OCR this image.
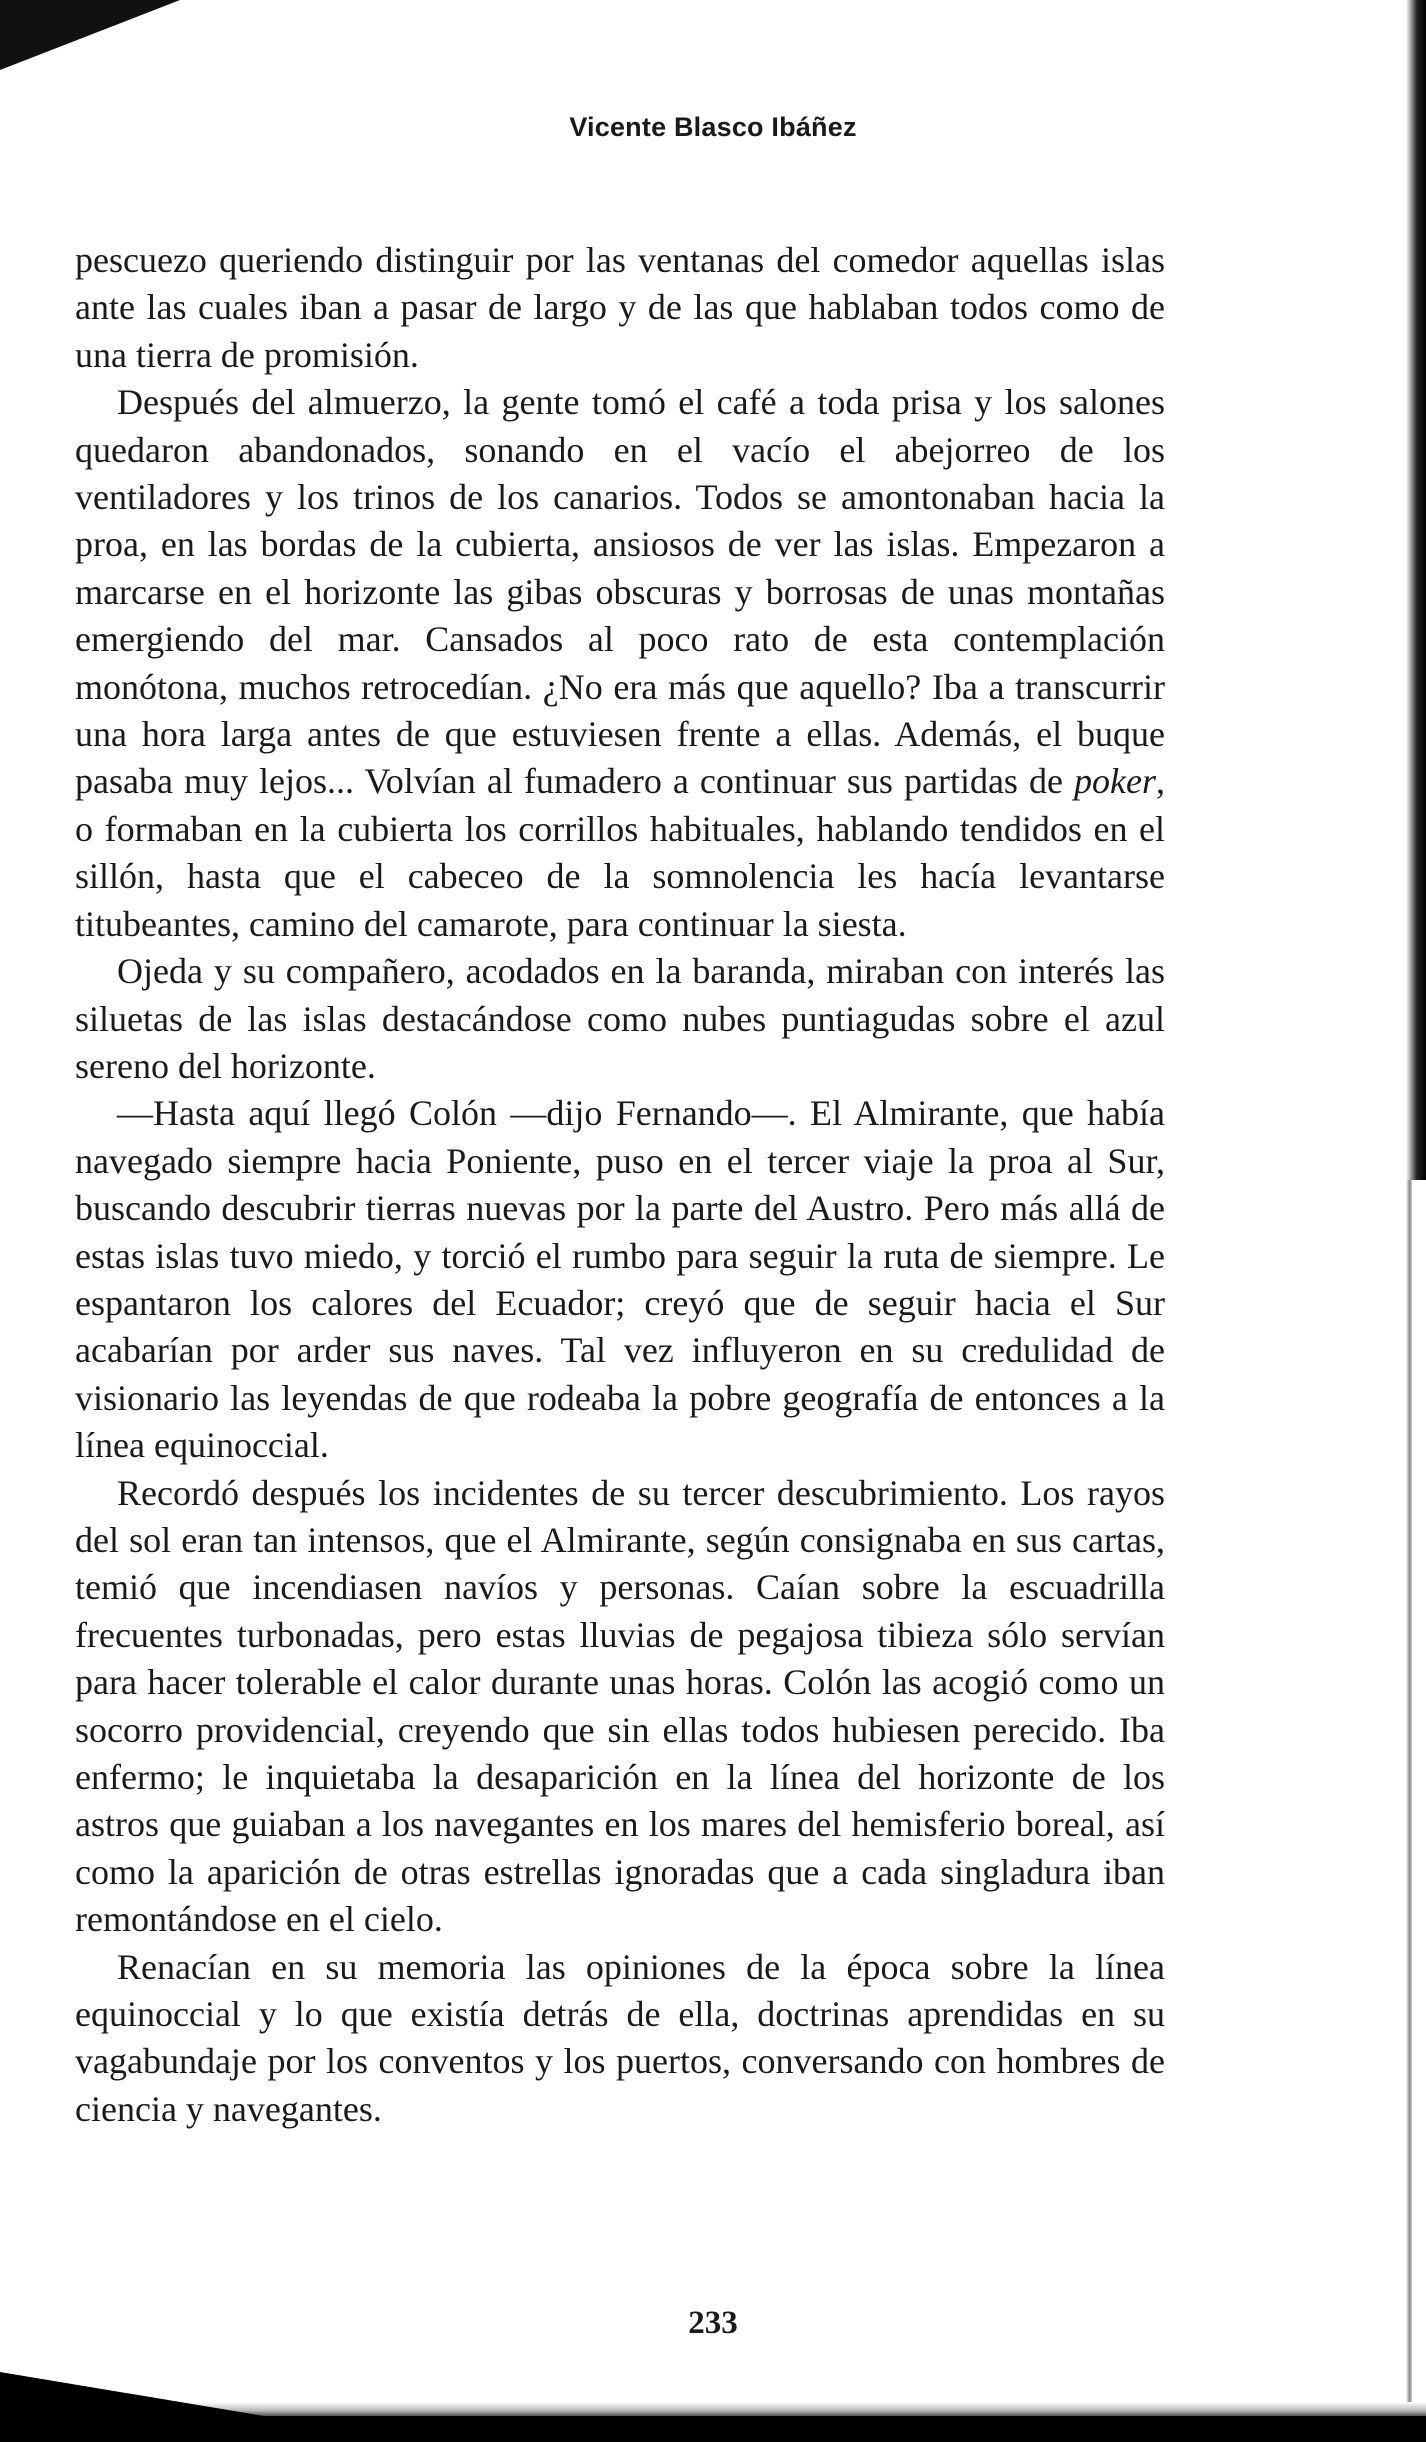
Vicente Blasco Ibáñez

pescuezo queriendo distinguir por las ventanas del comedor aquellas islas ante las cuales iban a pasar de largo y de las que hablaban todos como de una tierra de promisión.

Después del almuerzo, la gente tomó el café a toda prisa y los salones quedaron abandonados, sonando en el vacío el abejorreo de los ventiladores y los trinos de los canarios. Todos se amontonaban hacia la proa, en las bordas de la cubierta, ansiosos de ver las islas. Empezaron a marcarse en el horizonte las gibas obscuras y borrosas de unas montañas emergiendo del mar. Cansados al poco rato de esta contemplación monótona, muchos retrocedían. ¿No era más que aquello? Iba a transcurrir una hora larga antes de que estuviesen frente a ellas. Además, el buque pasaba muy lejos... Volvían al fumadero a continuar sus partidas de poker, o formaban en la cubierta los corrillos habituales, hablando tendidos en el sillón, hasta que el cabeceo de la somnolencia les hacía levantarse titubeantes, camino del camarote, para continuar la siesta.

Ojeda y su compañero, acodados en la baranda, miraban con interés las siluetas de las islas destacándose como nubes puntiagudas sobre el azul sereno del horizonte.

—Hasta aquí llegó Colón —dijo Fernando—. El Almirante, que había navegado siempre hacia Poniente, puso en el tercer viaje la proa al Sur, buscando descubrir tierras nuevas por la parte del Austro. Pero más allá de estas islas tuvo miedo, y torció el rumbo para seguir la ruta de siempre. Le espantaron los calores del Ecuador; creyó que de seguir hacia el Sur acabarían por arder sus naves. Tal vez influyeron en su credulidad de visionario las leyendas de que rodeaba la pobre geografía de entonces a la línea equinoccial.

Recordó después los incidentes de su tercer descubrimiento. Los rayos del sol eran tan intensos, que el Almirante, según consignaba en sus cartas, temió que incendiasen navíos y personas. Caían sobre la escuadrilla frecuentes turbonadas, pero estas lluvias de pegajosa tibieza sólo servían para hacer tolerable el calor durante unas horas. Colón las acogió como un socorro providencial, creyendo que sin ellas todos hubiesen perecido. Iba enfermo; le inquietaba la desaparición en la línea del horizonte de los astros que guiaban a los navegantes en los mares del hemisferio boreal, así como la aparición de otras estrellas ignoradas que a cada singladura iban remontándose en el cielo.

Renacían en su memoria las opiniones de la época sobre la línea equinoccial y lo que existía detrás de ella, doctrinas aprendidas en su vagabundaje por los conventos y los puertos, conversando con hombres de ciencia y navegantes.

233
